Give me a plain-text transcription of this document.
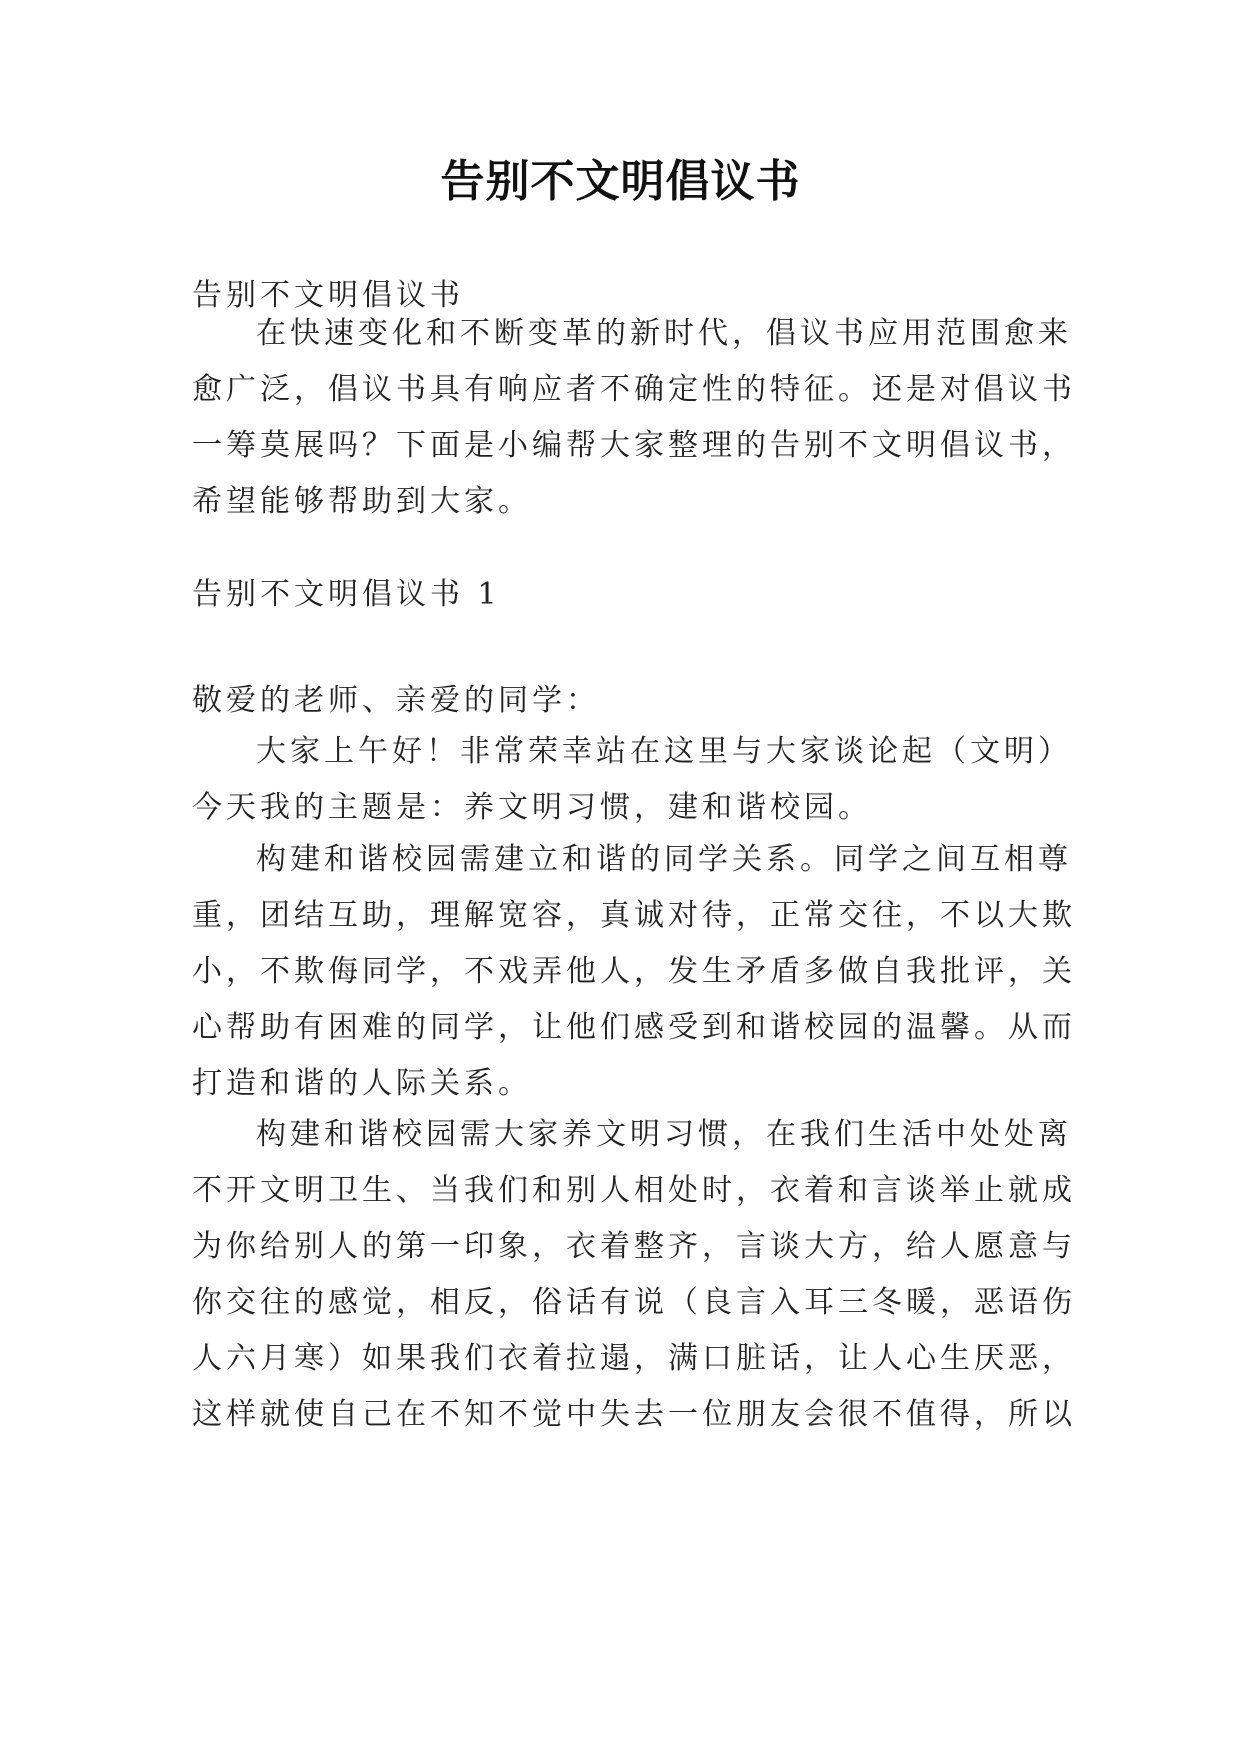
告别不文明倡议书
告别不文明倡议书
在快速变化和不断变革的新时代，倡议书应用范围愈来
愈广泛，倡议书具有响应者不确定性的特征。还是对倡议书
一筹莫展吗？下面是小编帮大家整理的告别不文明倡议书，
希望能够帮助到大家。
告别不文明倡议书 1
敬爱的老师、亲爱的同学：
大家上午好！非常荣幸站在这里与大家谈论起（文明）
今天我的主题是：养文明习惯，建和谐校园。
构建和谐校园需建立和谐的同学关系。同学之间互相尊
重，团结互助，理解宽容，真诚对待，正常交往，不以大欺
小，不欺侮同学，不戏弄他人，发生矛盾多做自我批评，关
心帮助有困难的同学，让他们感受到和谐校园的温馨。从而
打造和谐的人际关系。
构建和谐校园需大家养文明习惯，在我们生活中处处离
不开文明卫生、当我们和别人相处时，衣着和言谈举止就成
为你给别人的第一印象，衣着整齐，言谈大方，给人愿意与
你交往的感觉，相反，俗话有说（良言入耳三冬暖，恶语伤
人六月寒）如果我们衣着拉遢，满口脏话，让人心生厌恶，
这样就使自己在不知不觉中失去一位朋友会很不值得，所以
